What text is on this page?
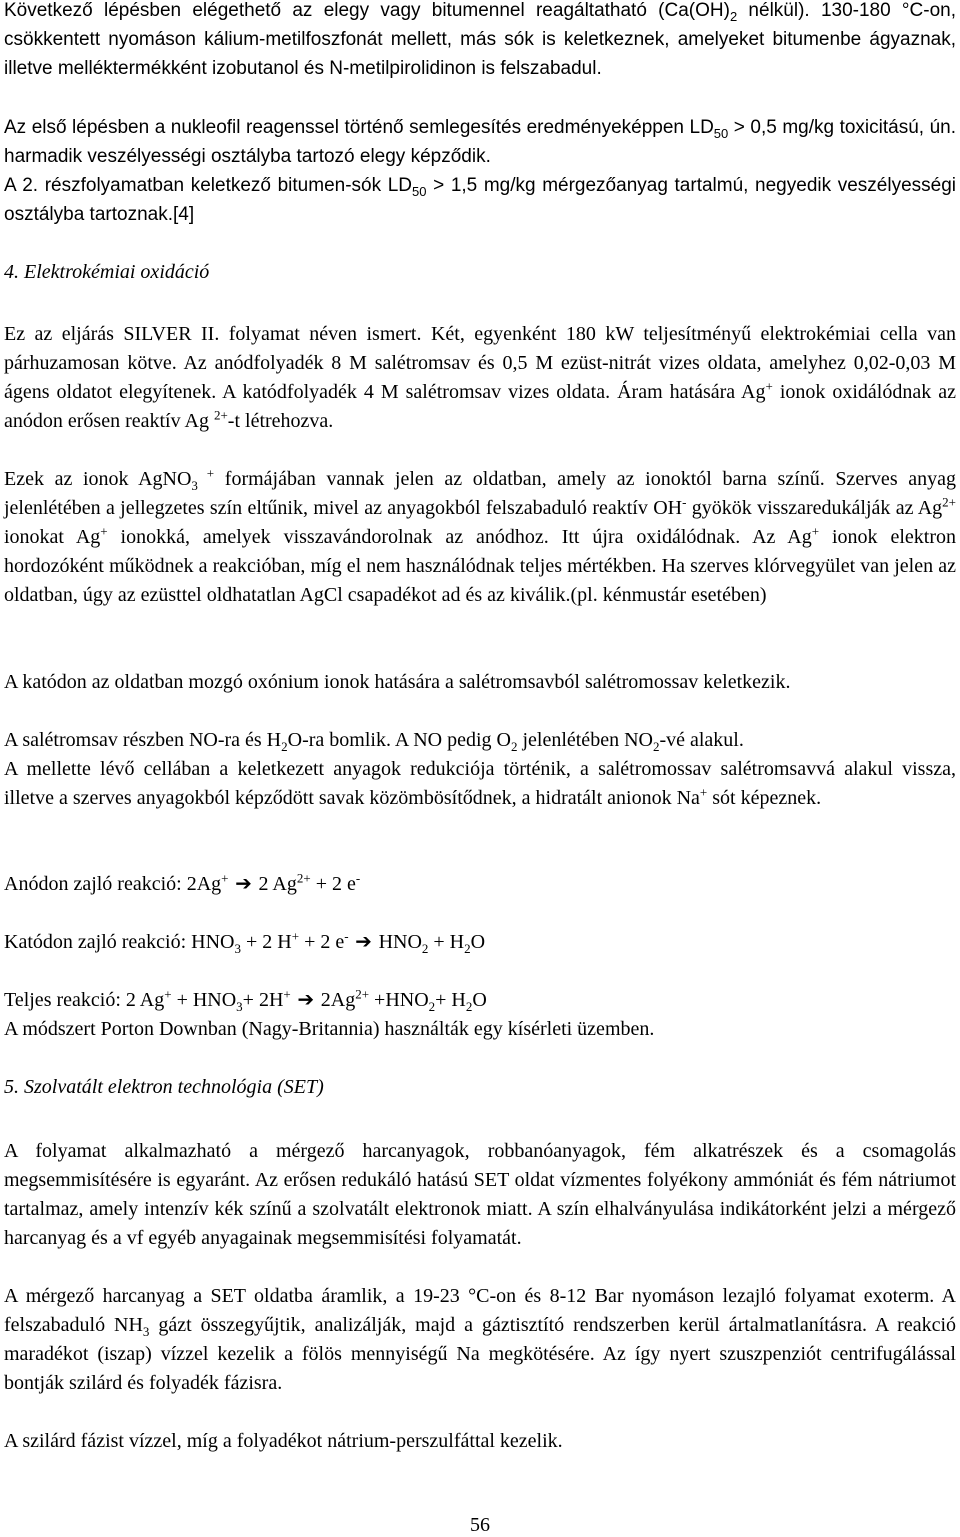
Következő lépésben elégethető az elegy vagy bitumennel reagáltatható ($Ca(OH)_2$ nélkül). 130-180 °C-on, csökkentett nyomáson kálium-metilfoszfonát mellett, más sók is keletkeznek, amelyeket bitumenbe ágyaznak, illetve melléktermékként izobutanol és N-metilpirolidinon is felszabadul.

Az első lépésben a nukleofil reagenssel történő semlegesítés eredményeképpen $LD_{50} > 0,5$ mg/kg toxicitású, ún. harmadik veszélyességi osztályba tartozó elegy képződik.

A 2. részfolyamatban keletkező bitumen-sók $LD_{50} > 1,5$ mg/kg mérgezőanyag tartalmú, negyedik veszélyességi osztályba tartoznak.[4]

4. Elektrokémiai oxidáció

Ez az eljárás SILVER II. folyamat néven ismert. Két, egyenként 180 kW teljesítményű elektrokémiai cella van párhuzamosan kötve. Az anódfolyadék 8 M salétromsav és 0,5 M ezüst-nitrát vizes oldata, amelyhez 0,02-0,03 M ágens oldatot elegyítenek. A katódfolyadék 4 M salétromsav vizes oldata. Áram hatására Ag+ ionok oxidálódnak az anódon erősen reaktív Ag $^{2+}$-t létrehozva.

Ezek az ionok AgNO$_3$ + formájában vannak jelen az oldatban, amely az ionoktól barna színű. Szerves anyag jelenlétében a jellegzetes szín eltűnik, mivel az anyagokból felszabaduló reaktív OH- gyökök visszaredukálják az $Ag^{2+}$ ionokat Ag+ ionokká, amelyek visszavándorolnak az anódhoz. Itt újra oxidálódnak. Az Ag+ ionok elektron hordozóként működnek a reakcióban, míg el nem használódnak teljes mértékben. Ha szerves klórvegyület van jelen az oldatban, úgy az ezüsttel oldhatatlan AgCl csapadékot ad és az kiválik.(pl. kénmustár esetében)

A katódon az oldatban mozgó oxónium ionok hatására a salétromsavból salétromossav keletkezik.

A salétromsav részben NO-ra és $H_2O-ra$ bomlik. A NO pedig $O_2$ jelenlétében $NO_2-vé$ alakul.

A mellette lévő cellában a keletkezett anyagok redukciója történik, a salétromossav salétromsavvá alakul vissza, illetve a szerves anyagokból képződött savak közömbösítődnek, a hidratált anionok Na+ sót képeznek.

Anódon zajló reakció: 2Ag+ ➔ 2 $Ag^{2+} + 2$ e-

Katódon zajló reakció: $HNO_3 + 2$ H+ + 2 e- ➔ $HNO_2 + H_2O$

Teljes reakció: 2 $Ag^+ + HNO_3+ 2H^+$ ➔ $2Ag^{2+} +HNO_2+ H_2O$

A módszert Porton Downban (Nagy-Britannia) használták egy kísérleti üzemben.

5. Szolvatált elektron technológia (SET)

A folyamat alkalmazható a mérgező harcanyagok, robbanóanyagok, fém alkatrészek és a csomagolás megsemmisítésére is egyaránt. Az erősen redukáló hatású SET oldat vízmentes folyékony ammóniát és fém nátriumot tartalmaz, amely intenzív kék színű a szolvatált elektronok miatt. A szín elhalványulása indikátorként jelzi a mérgező harcanyag és a vf egyéb anyagainak megsemmisítési folyamatát.

A mérgező harcanyag a SET oldatba áramlik, a 19-23 °C-on és 8-12 Bar nyomáson lezajló folyamat exoterm. A felszabaduló $NH_3$ gázt összegyűjtik, analizálják, majd a gáztisztító rendszerben kerül ártalmatlanításra. A reakció maradékot (iszap) vízzel kezelik a fölös mennyiségű Na megkötésére. Az így nyert szuszpenziót centrifugálással bontják szilárd és folyadék fázisra.

A szilárd fázist vízzel, míg a folyadékot nátrium-perszulfáttal kezelik.

56
